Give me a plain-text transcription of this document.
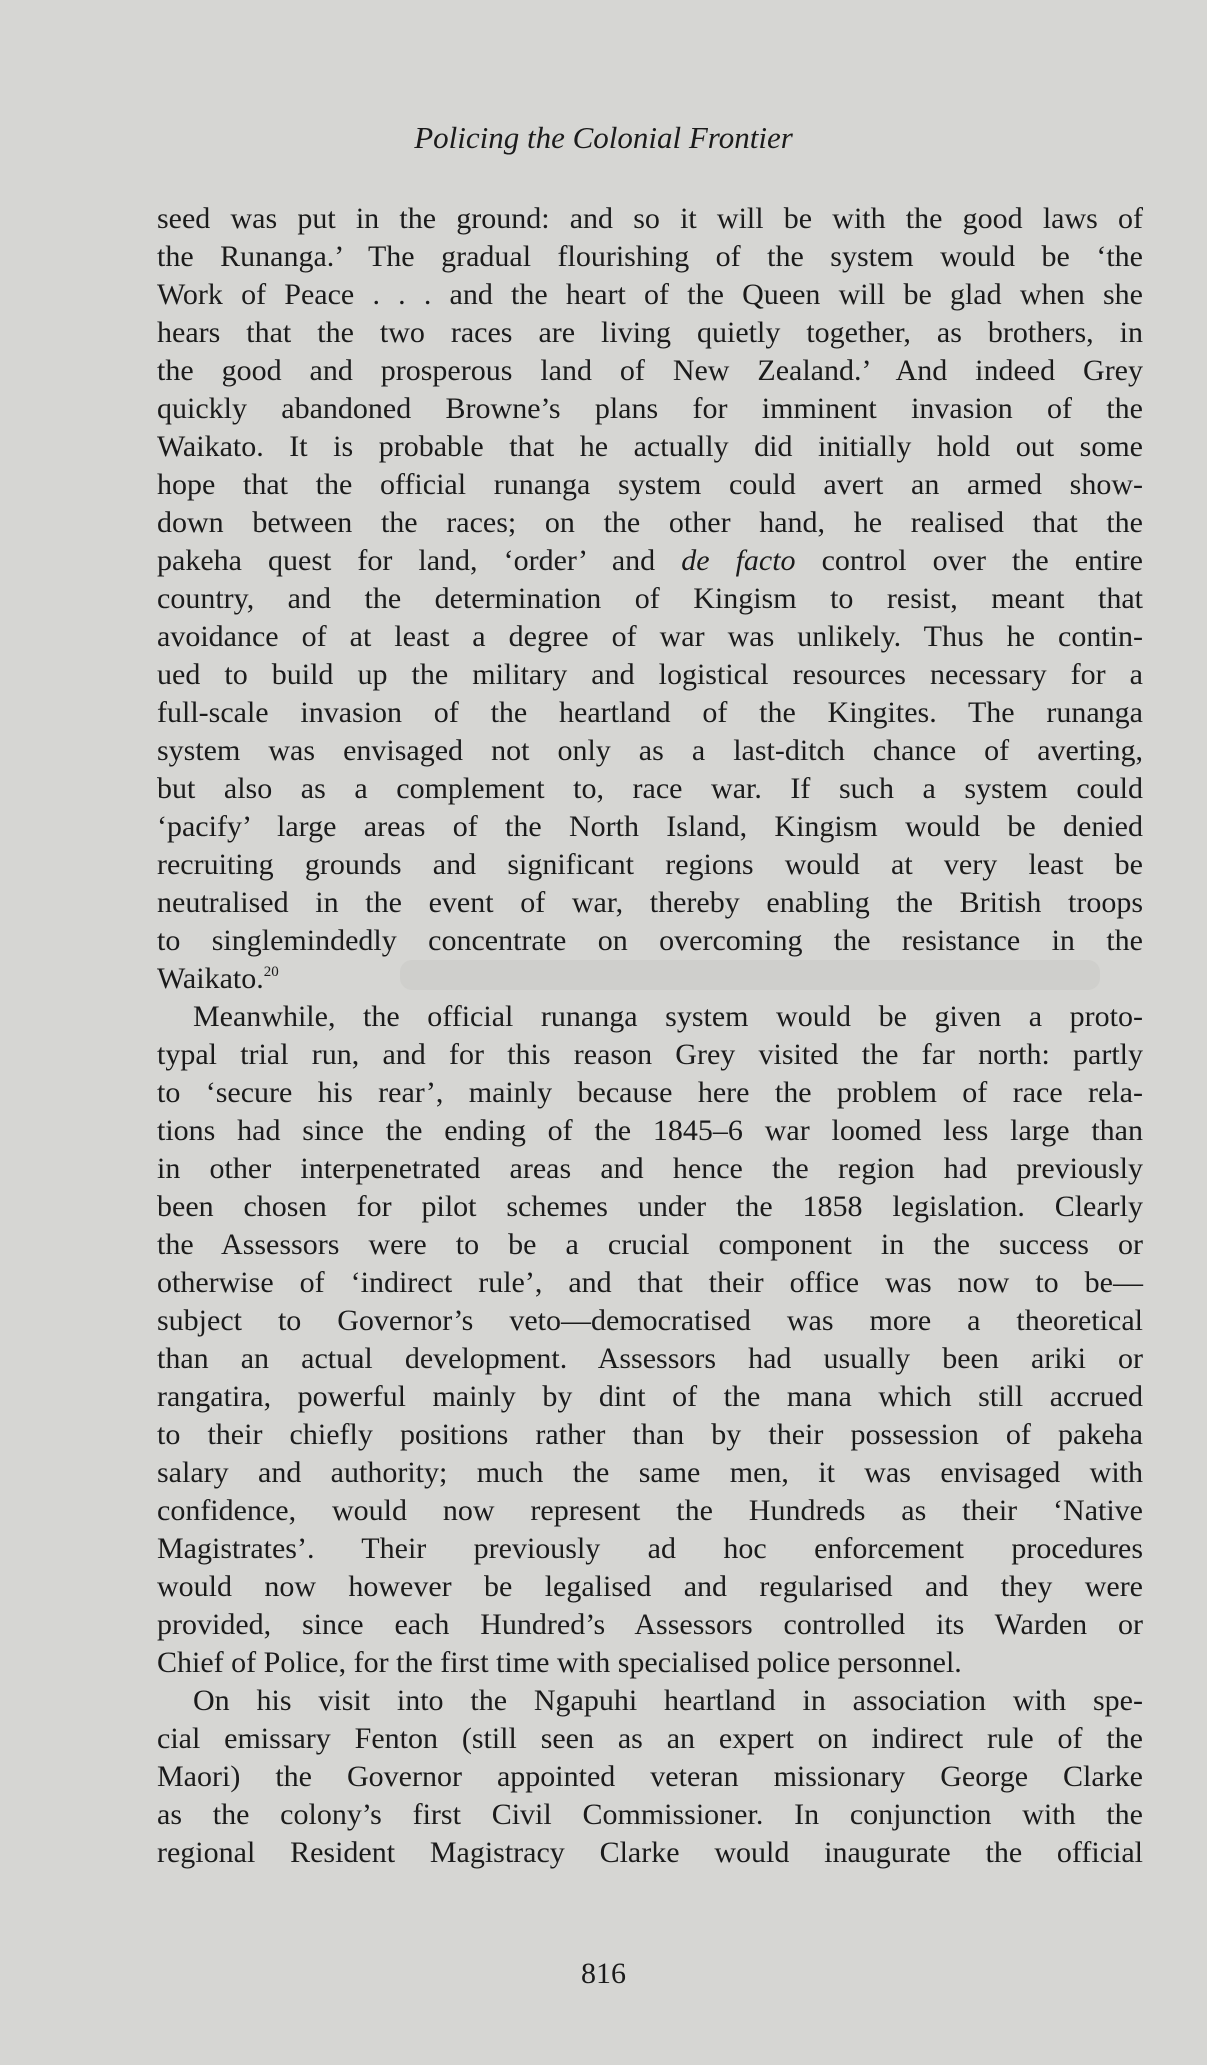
Policing the Colonial Frontier
seed was put in the ground: and so it will be with the good laws of
the Runanga.’ The gradual flourishing of the system would be ‘the
Work of Peace . . . and the heart of the Queen will be glad when she
hears that the two races are living quietly together, as brothers, in
the good and prosperous land of New Zealand.’ And indeed Grey
quickly abandoned Browne’s plans for imminent invasion of the
Waikato. It is probable that he actually did initially hold out some
hope that the official runanga system could avert an armed show-
down between the races; on the other hand, he realised that the
pakeha quest for land, ‘order’ and de facto control over the entire
country, and the determination of Kingism to resist, meant that
avoidance of at least a degree of war was unlikely. Thus he contin-
ued to build up the military and logistical resources necessary for a
full-scale invasion of the heartland of the Kingites. The runanga
system was envisaged not only as a last-ditch chance of averting,
but also as a complement to, race war. If such a system could
‘pacify’ large areas of the North Island, Kingism would be denied
recruiting grounds and significant regions would at very least be
neutralised in the event of war, thereby enabling the British troops
to singlemindedly concentrate on overcoming the resistance in the
Waikato.$^{20}$
Meanwhile, the official runanga system would be given a proto-
typal trial run, and for this reason Grey visited the far north: partly
to ‘secure his rear’, mainly because here the problem of race rela-
tions had since the ending of the 1845–6 war loomed less large than
in other interpenetrated areas and hence the region had previously
been chosen for pilot schemes under the 1858 legislation. Clearly
the Assessors were to be a crucial component in the success or
otherwise of ‘indirect rule’, and that their office was now to be—
subject to Governor’s veto—democratised was more a theoretical
than an actual development. Assessors had usually been ariki or
rangatira, powerful mainly by dint of the mana which still accrued
to their chiefly positions rather than by their possession of pakeha
salary and authority; much the same men, it was envisaged with
confidence, would now represent the Hundreds as their ‘Native
Magistrates’. Their previously ad hoc enforcement procedures
would now however be legalised and regularised and they were
provided, since each Hundred’s Assessors controlled its Warden or
Chief of Police, for the first time with specialised police personnel.
On his visit into the Ngapuhi heartland in association with spe-
cial emissary Fenton (still seen as an expert on indirect rule of the
Maori) the Governor appointed veteran missionary George Clarke
as the colony’s first Civil Commissioner. In conjunction with the
regional Resident Magistracy Clarke would inaugurate the official
816
